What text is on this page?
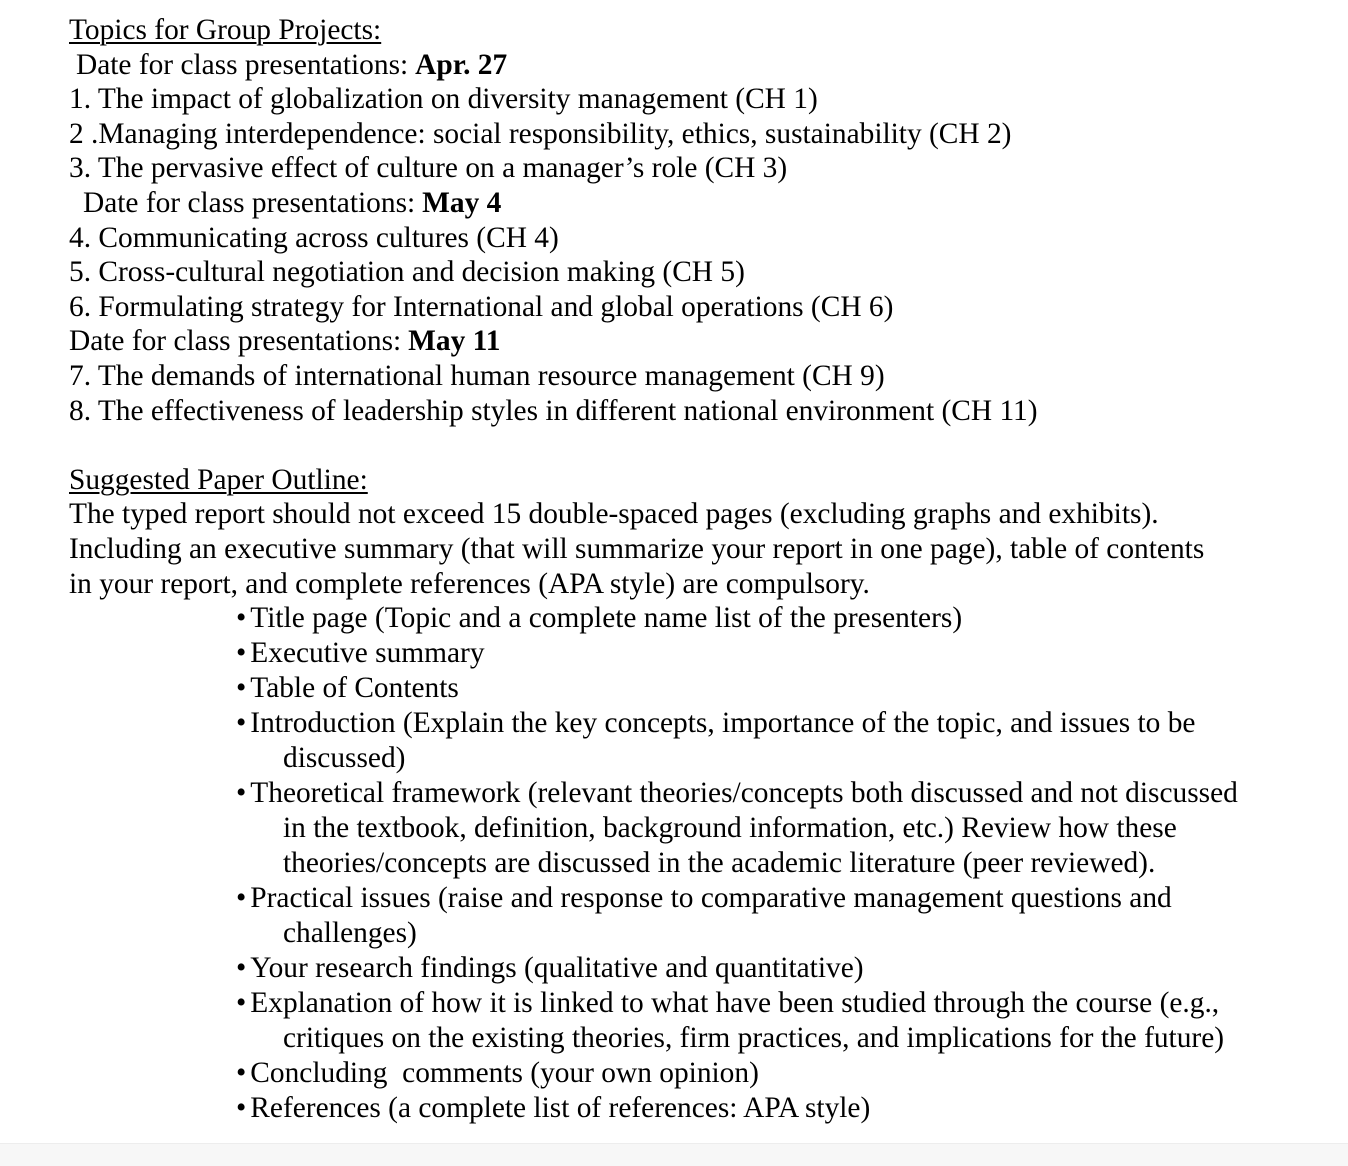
Topics for Group Projects:

Date for class presentations: Apr. 27

1. The impact of globalization on diversity management (CH 1)

2 .Managing interdependence: social responsibility, ethics, sustainability (CH 2)

3. The pervasive effect of culture on a manager’s role (CH 3)

Date for class presentations: May 4

4. Communicating across cultures (CH 4)

5. Cross-cultural negotiation and decision making (CH 5)

6. Formulating strategy for International and global operations (CH 6)

Date for class presentations: May 11

7. The demands of international human resource management (CH 9)

8. The effectiveness of leadership styles in different national environment (CH 11)

Suggested Paper Outline:

The typed report should not exceed 15 double-spaced pages (excluding graphs and exhibits). Including an executive summary (that will summarize your report in one page), table of contents in your report, and complete references (APA style) are compulsory.

• Title page (Topic and a complete name list of the presenters)
• Executive summary
• Table of Contents
• Introduction (Explain the key concepts, importance of the topic, and issues to be discussed)
• Theoretical framework (relevant theories/concepts both discussed and not discussed in the textbook, definition, background information, etc.) Review how these theories/concepts are discussed in the academic literature (peer reviewed).
• Practical issues (raise and response to comparative management questions and challenges)
• Your research findings (qualitative and quantitative)
• Explanation of how it is linked to what have been studied through the course (e.g., critiques on the existing theories, firm practices, and implications for the future)
• Concluding  comments (your own opinion)
• References (a complete list of references: APA style)
